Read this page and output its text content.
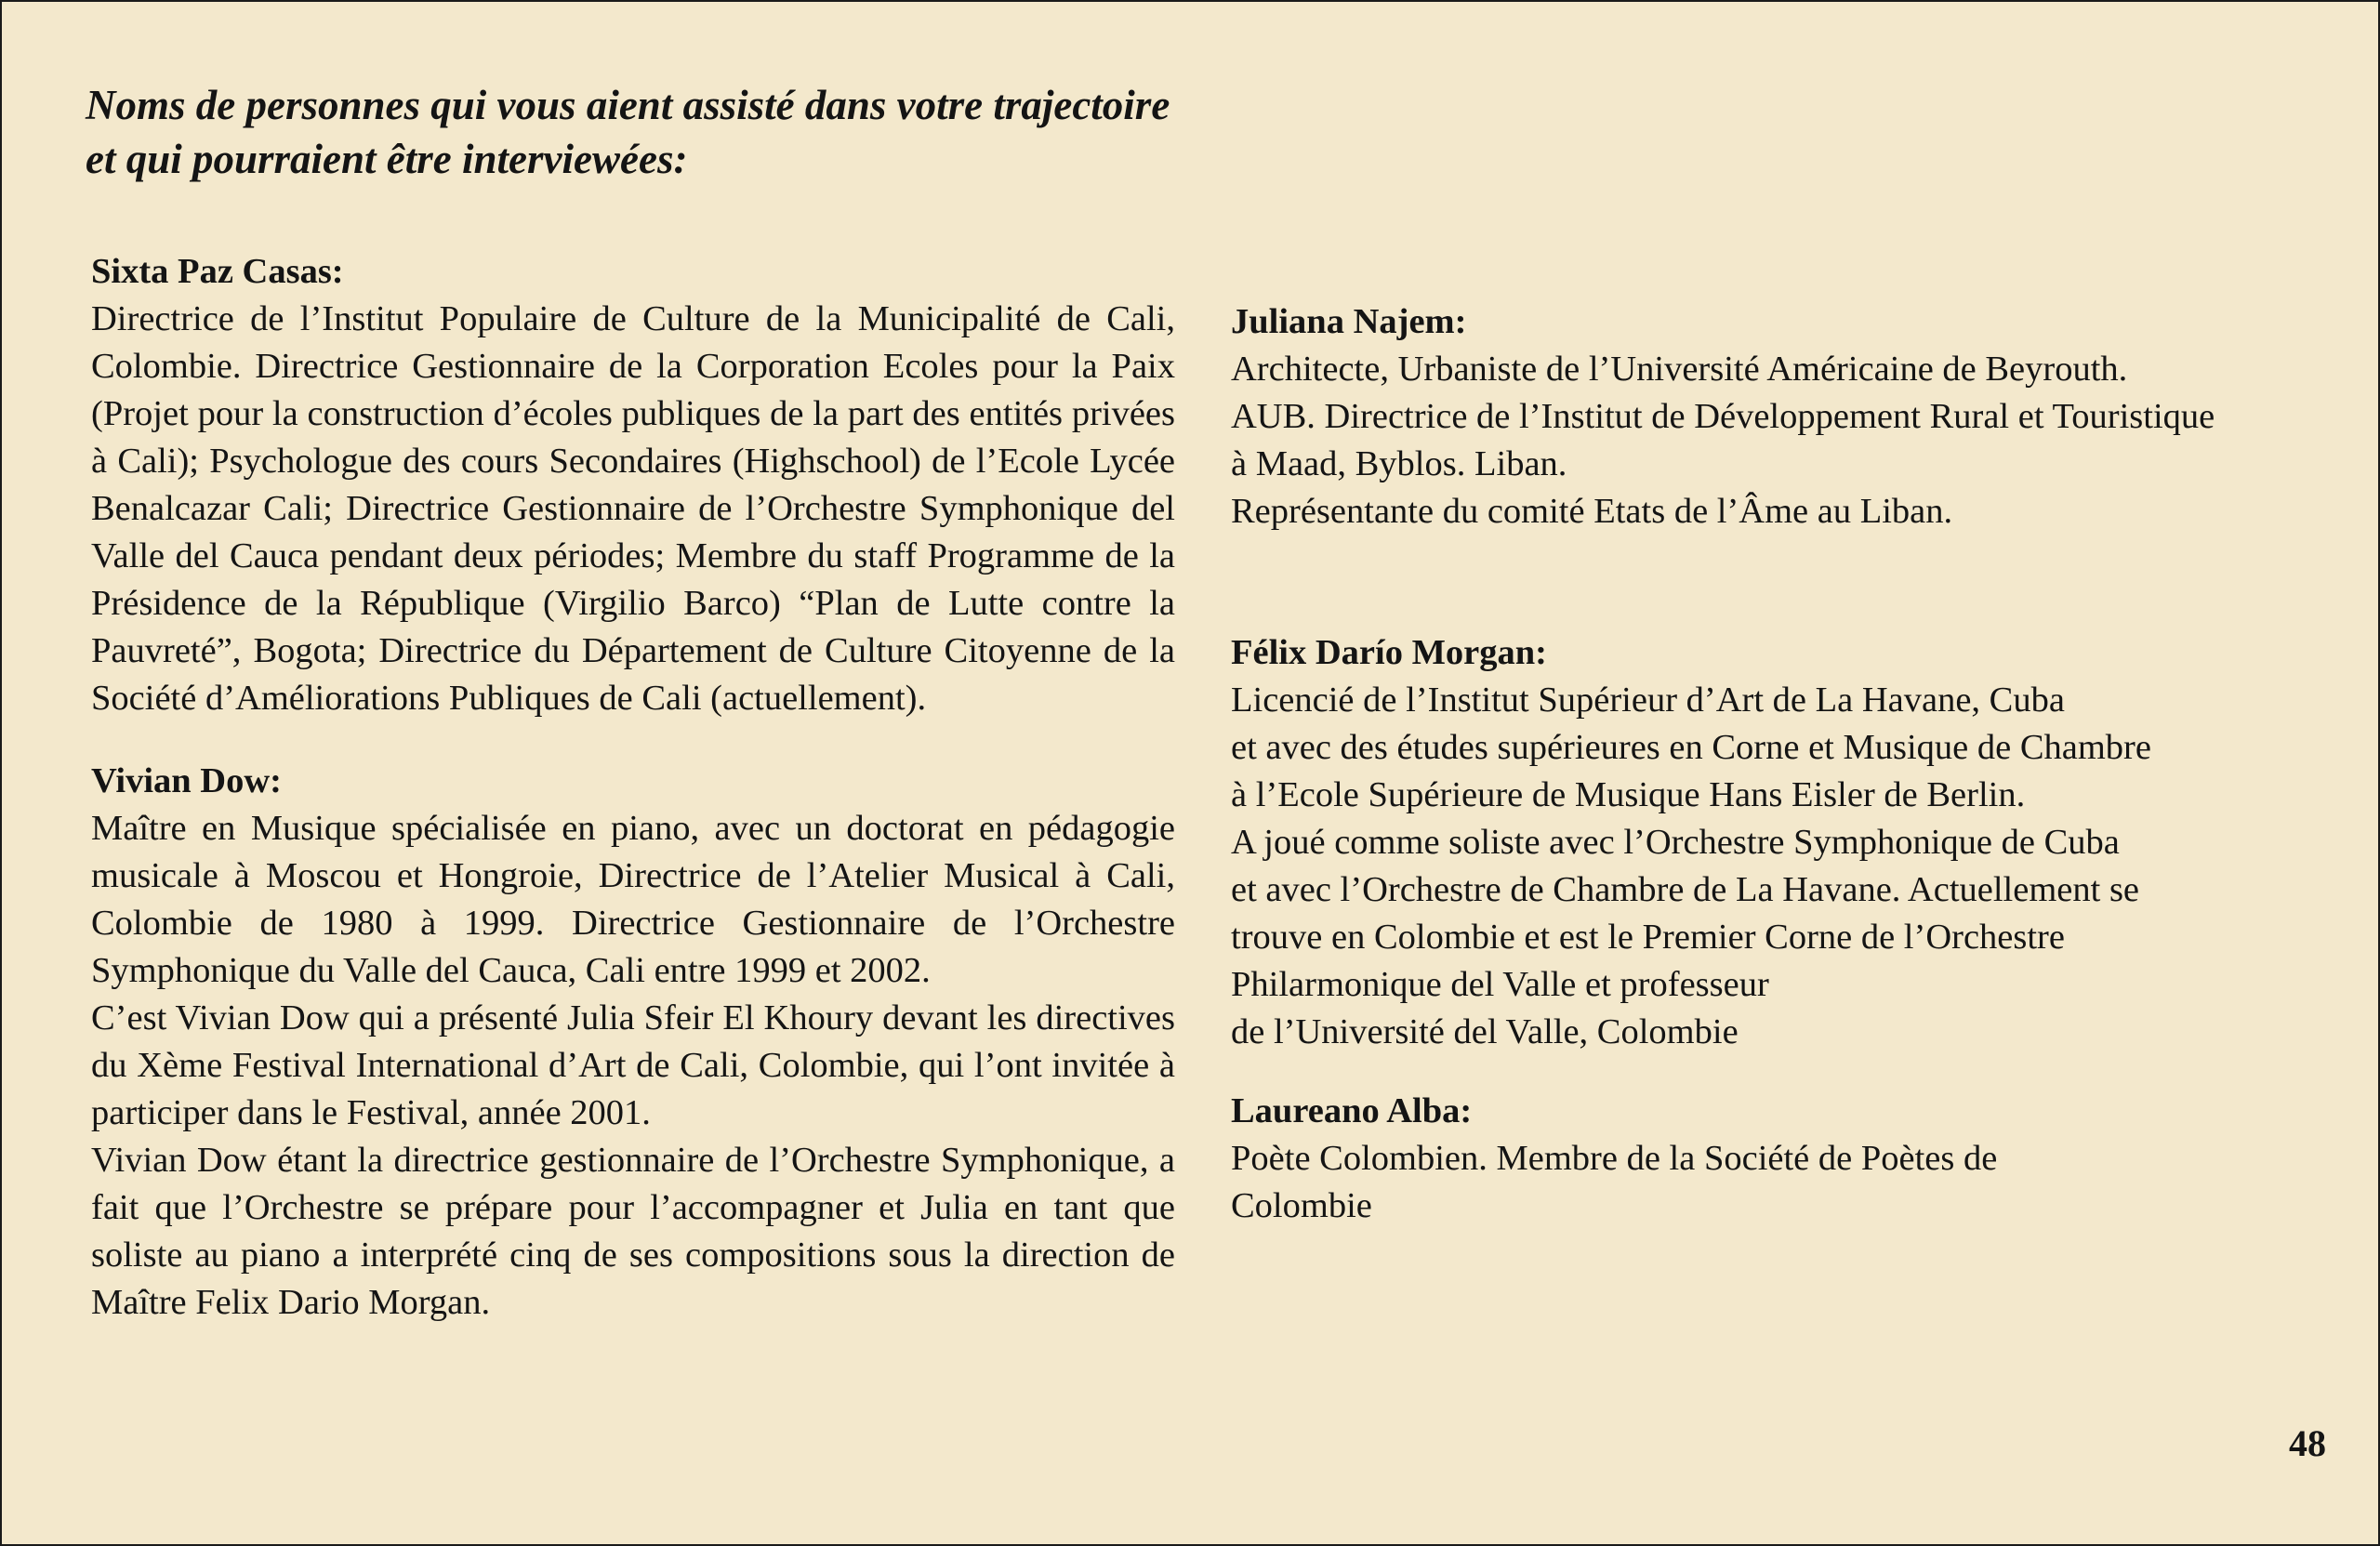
Noms de personnes qui vous aient assisté dans votre trajectoire
et qui pourraient être interviewées:
Sixta Paz Casas:
Directrice de l’Institut Populaire de Culture de la Municipalité de Cali, Colombie. Directrice Gestionnaire de la Corporation Ecoles pour la Paix (Projet pour la construction d’écoles publiques de la part des entités privées à Cali); Psychologue des cours Secondaires (Highschool) de l’Ecole Lycée Benalcazar Cali; Directrice Gestionnaire de l’Orchestre Symphonique del Valle del Cauca pendant deux périodes; Membre du staff Programme de la Présidence de la République (Virgilio Barco) “Plan de Lutte contre la Pauvreté”, Bogota; Directrice du Département de Culture Citoyenne de la Société d’Améliorations Publiques de Cali (actuellement).
Vivian Dow:
Maître en Musique spécialisée en piano, avec un doctorat en pédagogie musicale à Moscou et Hongroie, Directrice de l’Atelier Musical à Cali, Colombie de 1980 à 1999. Directrice Gestionnaire de l’Orchestre Symphonique du Valle del Cauca, Cali entre 1999 et 2002.
C’est Vivian Dow qui a présenté Julia Sfeir El Khoury devant les directives du Xème Festival International d’Art de Cali, Colombie, qui l’ont invitée à participer dans le Festival, année 2001.
Vivian Dow étant la directrice gestionnaire de l’Orchestre Symphonique, a fait que l’Orchestre se prépare pour l’accompagner et Julia en tant que soliste au piano a interprété cinq de ses compositions sous la direction de Maître Felix Dario Morgan.
Juliana Najem:
Architecte, Urbaniste de l’Université Américaine de Beyrouth.
AUB. Directrice de l’Institut de Développement Rural et Touristique
à Maad, Byblos. Liban.
Représentante du comité Etats de l’Âme au Liban.
Félix Darío Morgan:
Licencié de l’Institut Supérieur d’Art de La Havane, Cuba
et avec des études supérieures en Corne et Musique de Chambre
à l’Ecole Supérieure de Musique Hans Eisler de Berlin.
A joué comme soliste avec l’Orchestre Symphonique de Cuba
et avec l’Orchestre de Chambre de La Havane. Actuellement se
trouve en Colombie et est le Premier Corne de l’Orchestre
Philarmonique del Valle et professeur
de l’Université del Valle, Colombie
Laureano Alba:
Poète Colombien. Membre de la Société de Poètes de
Colombie
48
